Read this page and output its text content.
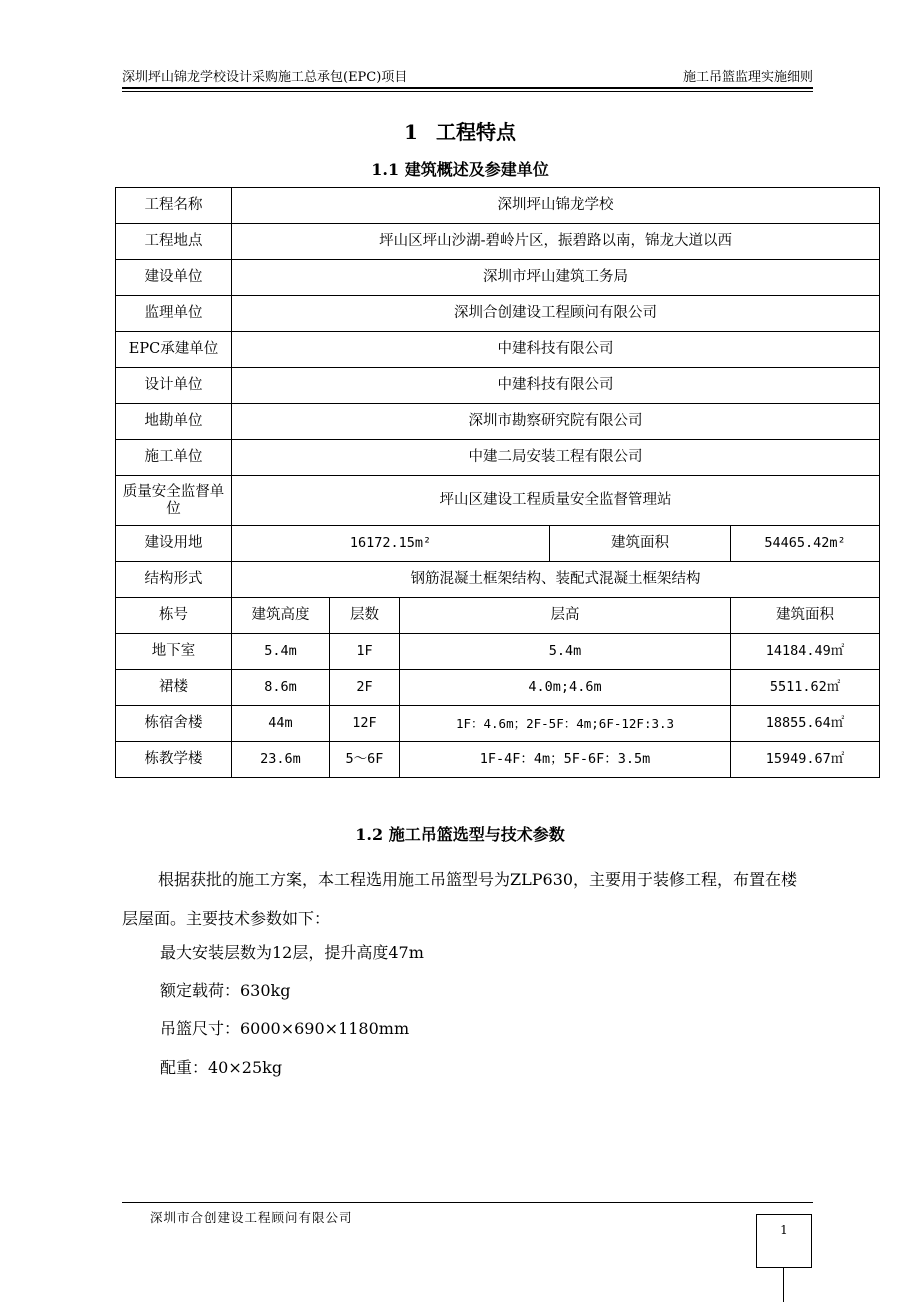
深圳坪山锦龙学校设计采购施工总承包(EPC)项目	施工吊篮监理实施细则
1 工程特点
1.1 建筑概述及参建单位
工程名称	深圳坪山锦龙学校				
工程地点	坪山区坪山沙湖-碧岭片区，振碧路以南，锦龙大道以西				
建设单位	深圳市坪山建筑工务局				
监理单位	深圳合创建设工程顾问有限公司				
EPC承建单位	中建科技有限公司				
设计单位	中建科技有限公司				
地勘单位	深圳市勘察研究院有限公司				
施工单位	中建二局安装工程有限公司				
质量安全监督单位	坪山区建设工程质量安全监督管理站				
建设用地	16172.15m²			建筑面积	54465.42m²
结构形式	钢筋混凝土框架结构、装配式混凝土框架结构				
栋号	建筑高度	层数	层高		建筑面积
地下室	5.4m	1F	5.4m		14184.49㎡
裙楼	8.6m	2F	4.0m;4.6m		5511.62㎡
栋宿舍楼	44m	12F	1F：4.6m；2F-5F：4m;6F-12F:3.3		18855.64㎡
栋教学楼	23.6m	5～6F	1F-4F：4m；5F-6F：3.5m		15949.67㎡
1.2 施工吊篮选型与技术参数
根据获批的施工方案，本工程选用施工吊篮型号为ZLP630，主要用于装修工程，布置在楼层屋面。主要技术参数如下：
最大安装层数为12层，提升高度47m
额定载荷：630kg
吊篮尺寸：6000×690×1180mm
配重：40×25kg
深圳市合创建设工程顾问有限公司
1
